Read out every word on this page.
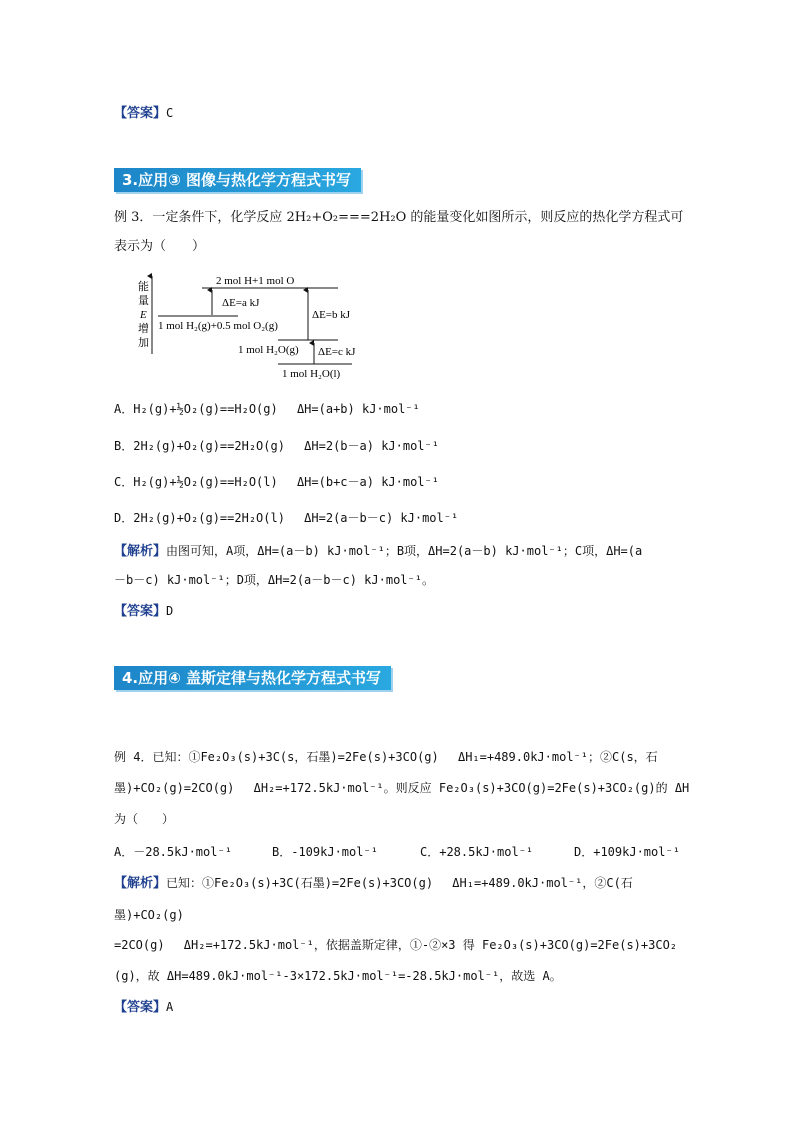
【答案】C
3.应用③ 图像与热化学方程式书写
例 3．一定条件下，化学反应 2H₂+O₂===2H₂O 的能量变化如图所示，则反应的热化学方程式可
表示为（　　）
能
量
E
增
加
2 mol H+1 mol O
1 mol H₂(g)+0.5 mol O₂(g)
ΔE=a kJ
ΔE=b kJ
1 mol H₂O(g) ΔE=c kJ
1 mol H₂O(l)
A．H₂(g)+½O₂(g)==H₂O(g)　 ΔH=(a+b) kJ·mol⁻¹
B．2H₂(g)+O₂(g)==2H₂O(g)　 ΔH=2(b－a) kJ·mol⁻¹
C．H₂(g)+½O₂(g)==H₂O(l)　 ΔH=(b+c－a) kJ·mol⁻¹
D．2H₂(g)+O₂(g)==2H₂O(l)　 ΔH=2(a－b－c) kJ·mol⁻¹
【解析】由图可知，A项，ΔH=(a－b) kJ·mol⁻¹；B项，ΔH=2(a－b) kJ·mol⁻¹；C项，ΔH=(a
－b－c) kJ·mol⁻¹；D项，ΔH=2(a－b－c) kJ·mol⁻¹。
【答案】D
4.应用④ 盖斯定律与热化学方程式书写
例 4．已知：①Fe₂O₃(s)+3C(s，石墨)=2Fe(s)+3CO(g)　 ΔH₁=+489.0kJ·mol⁻¹；②C(s，石
墨)+CO₂(g)=2CO(g)　 ΔH₂=+172.5kJ·mol⁻¹。则反应 Fe₂O₃(s)+3CO(g)=2Fe(s)+3CO₂(g)的 ΔH
为（　　）
A．－28.5kJ·mol⁻¹	B．-109kJ·mol⁻¹	C．+28.5kJ·mol⁻¹	D．+109kJ·mol⁻¹
【解析】已知：①Fe₂O₃(s)+3C(石墨)=2Fe(s)+3CO(g)　 ΔH₁=+489.0kJ·mol⁻¹，②C(石
墨)+CO₂(g)
=2CO(g)　 ΔH₂=+172.5kJ·mol⁻¹，依据盖斯定律，①-②×3 得 Fe₂O₃(s)+3CO(g)=2Fe(s)+3CO₂
(g)，故 ΔH=489.0kJ·mol⁻¹-3×172.5kJ·mol⁻¹=-28.5kJ·mol⁻¹，故选 A。
【答案】A
